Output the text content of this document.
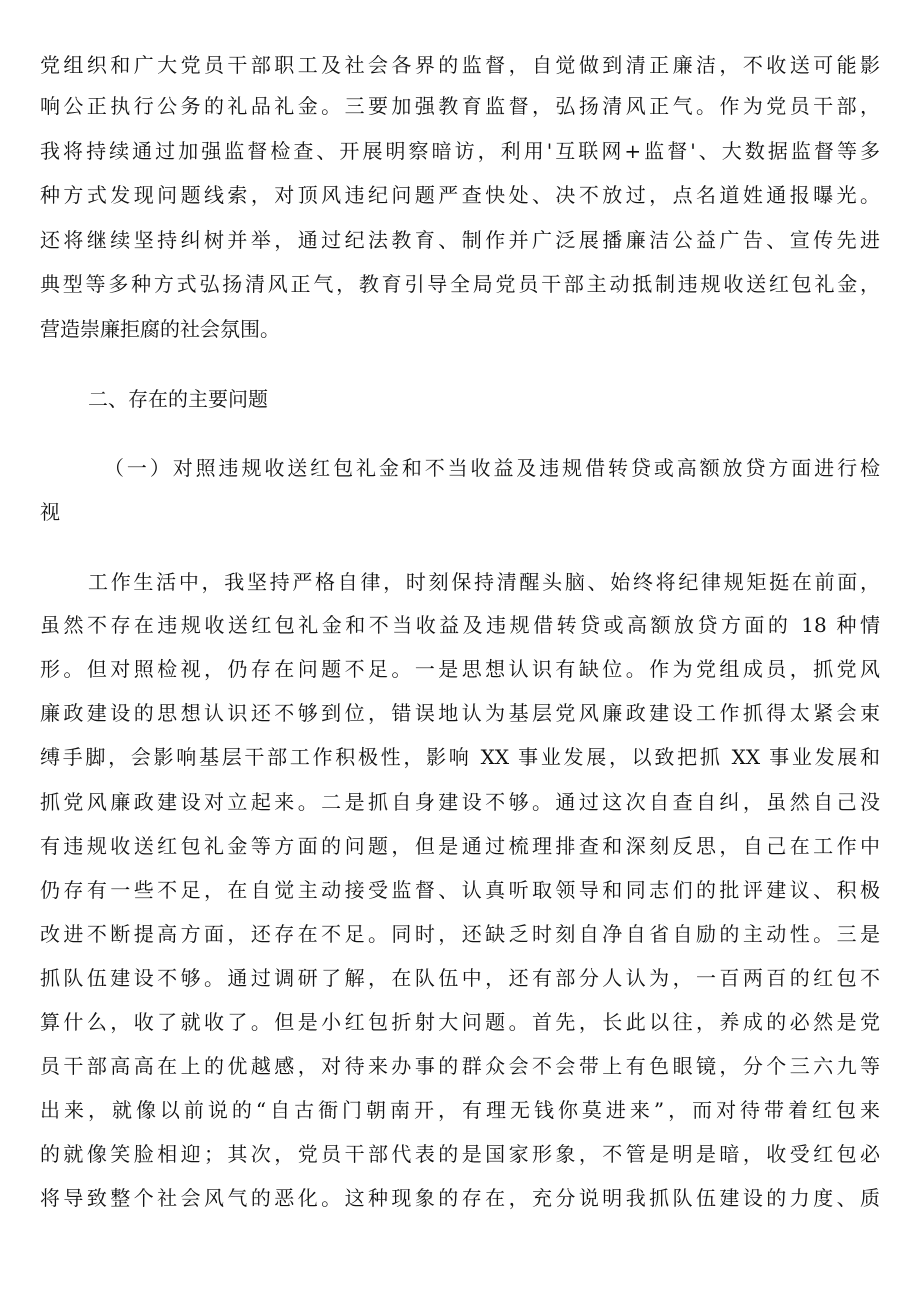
党组织和广大党员干部职工及社会各界的监督，自觉做到清正廉洁，不收送可能影
响公正执行公务的礼品礼金。三要加强教育监督，弘扬清风正气。作为党员干部，
我将持续通过加强监督检查、开展明察暗访，利用'互联网+监督'、大数据监督等多
种方式发现问题线索，对顶风违纪问题严查快处、决不放过，点名道姓通报曝光。
还将继续坚持纠树并举，通过纪法教育、制作并广泛展播廉洁公益广告、宣传先进
典型等多种方式弘扬清风正气，教育引导全局党员干部主动抵制违规收送红包礼金，
营造崇廉拒腐的社会氛围。
二、存在的主要问题
（一）对照违规收送红包礼金和不当收益及违规借转贷或高额放贷方面进行检
视
工作生活中，我坚持严格自律，时刻保持清醒头脑、始终将纪律规矩挺在前面，
虽然不存在违规收送红包礼金和不当收益及违规借转贷或高额放贷方面的 18 种情
形。但对照检视，仍存在问题不足。一是思想认识有缺位。作为党组成员，抓党风
廉政建设的思想认识还不够到位，错误地认为基层党风廉政建设工作抓得太紧会束
缚手脚，会影响基层干部工作积极性，影响 XX 事业发展，以致把抓 XX 事业发展和
抓党风廉政建设对立起来。二是抓自身建设不够。通过这次自查自纠，虽然自己没
有违规收送红包礼金等方面的问题，但是通过梳理排查和深刻反思，自己在工作中
仍存有一些不足，在自觉主动接受监督、认真听取领导和同志们的批评建议、积极
改进不断提高方面，还存在不足。同时，还缺乏时刻自净自省自励的主动性。三是
抓队伍建设不够。通过调研了解，在队伍中，还有部分人认为，一百两百的红包不
算什么，收了就收了。但是小红包折射大问题。首先，长此以往，养成的必然是党
员干部高高在上的优越感，对待来办事的群众会不会带上有色眼镜，分个三六九等
出来，就像以前说的“自古衙门朝南开，有理无钱你莫进来”，而对待带着红包来
的就像笑脸相迎；其次，党员干部代表的是国家形象，不管是明是暗，收受红包必
将导致整个社会风气的恶化。这种现象的存在，充分说明我抓队伍建设的力度、质
